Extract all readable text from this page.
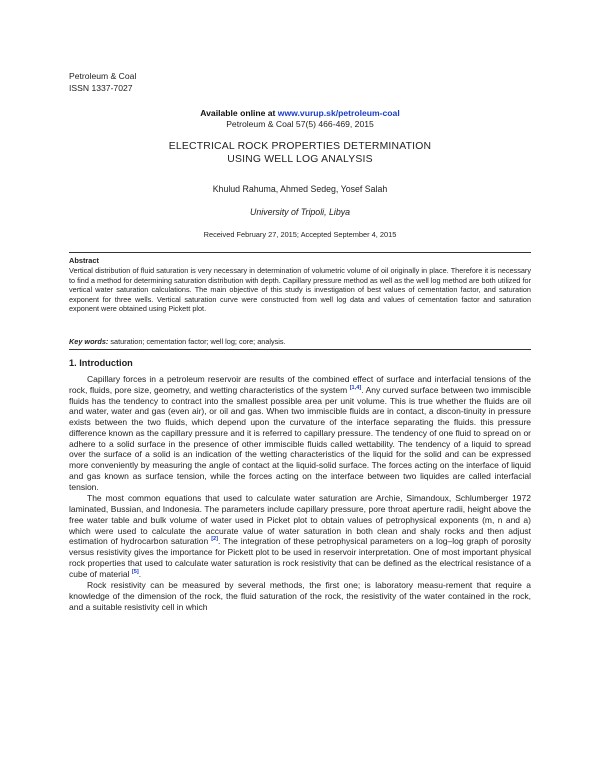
Petroleum & Coal
ISSN 1337-7027
Available online at www.vurup.sk/petroleum-coal
Petroleum & Coal 57(5) 466-469, 2015
ELECTRICAL ROCK PROPERTIES DETERMINATION USING WELL LOG ANALYSIS
Khulud Rahuma, Ahmed Sedeg, Yosef Salah
University of Tripoli, Libya
Received February 27, 2015; Accepted September 4, 2015
Abstract
Vertical distribution of fluid saturation is very necessary in determination of volumetric volume of oil originally in place. Therefore it is necessary to find a method for determining saturation distribution with depth. Capillary pressure method as well as the well log method are both utilized for vertical water saturation calculations. The main objective of this study is investigation of best values of cementation factor, and saturation exponent for three wells. Vertical saturation curve were constructed from well log data and values of cementation factor and saturation exponent were obtained using Pickett plot.
Key words: saturation; cementation factor; well log; core; analysis.
1. Introduction

Capillary forces in a petroleum reservoir are results of the combined effect of surface and interfacial tensions of the rock, fluids, pore size, geometry, and wetting characteristics of the system [1,4]. Any curved surface between two immiscible fluids has the tendency to contract into the smallest possible area per unit volume. This is true whether the fluids are oil and water, water and gas (even air), or oil and gas. When two immiscible fluids are in contact, a discon-tinuity in pressure exists between the two fluids, which depend upon the curvature of the interface separating the fluids. this pressure difference known as the capillary pressure and it is referred to capillary pressure. The tendency of one fluid to spread on or adhere to a solid surface in the presence of other immiscible fluids called wettability. The tendency of a liquid to spread over the surface of a solid is an indication of the wetting characteristics of the liquid for the solid and can be expressed more conveniently by measuring the angle of contact at the liquid-solid surface. The forces acting on the interface of liquid and gas known as surface tension, while the forces acting on the interface between two liquides are called interfacial tension.

The most common equations that used to calculate water saturation are Archie, Simandoux, Schlumberger 1972 laminated, Bussian, and Indonesia. The parameters include capillary pressure, pore throat aperture radii, height above the free water table and bulk volume of water used in Picket plot to obtain values of petrophysical exponents (m, n and a) which were used to calculate the accurate value of water saturation in both clean and shaly rocks and then adjust estimation of hydrocarbon saturation [2]. The integration of these petrophysical parameters on a log–log graph of porosity versus resistivity gives the importance for Pickett plot to be used in reservoir interpretation. One of most important physical rock properties that used to calculate water saturation is rock resistivity that can be defined as the electrical resistance of a cube of material [5].

Rock resistivity can be measured by several methods, the first one; is laboratory measu-rement that require a knowledge of the dimension of the rock, the fluid saturation of the rock, the resistivity of the water contained in the rock, and a suitable resistivity cell in which
